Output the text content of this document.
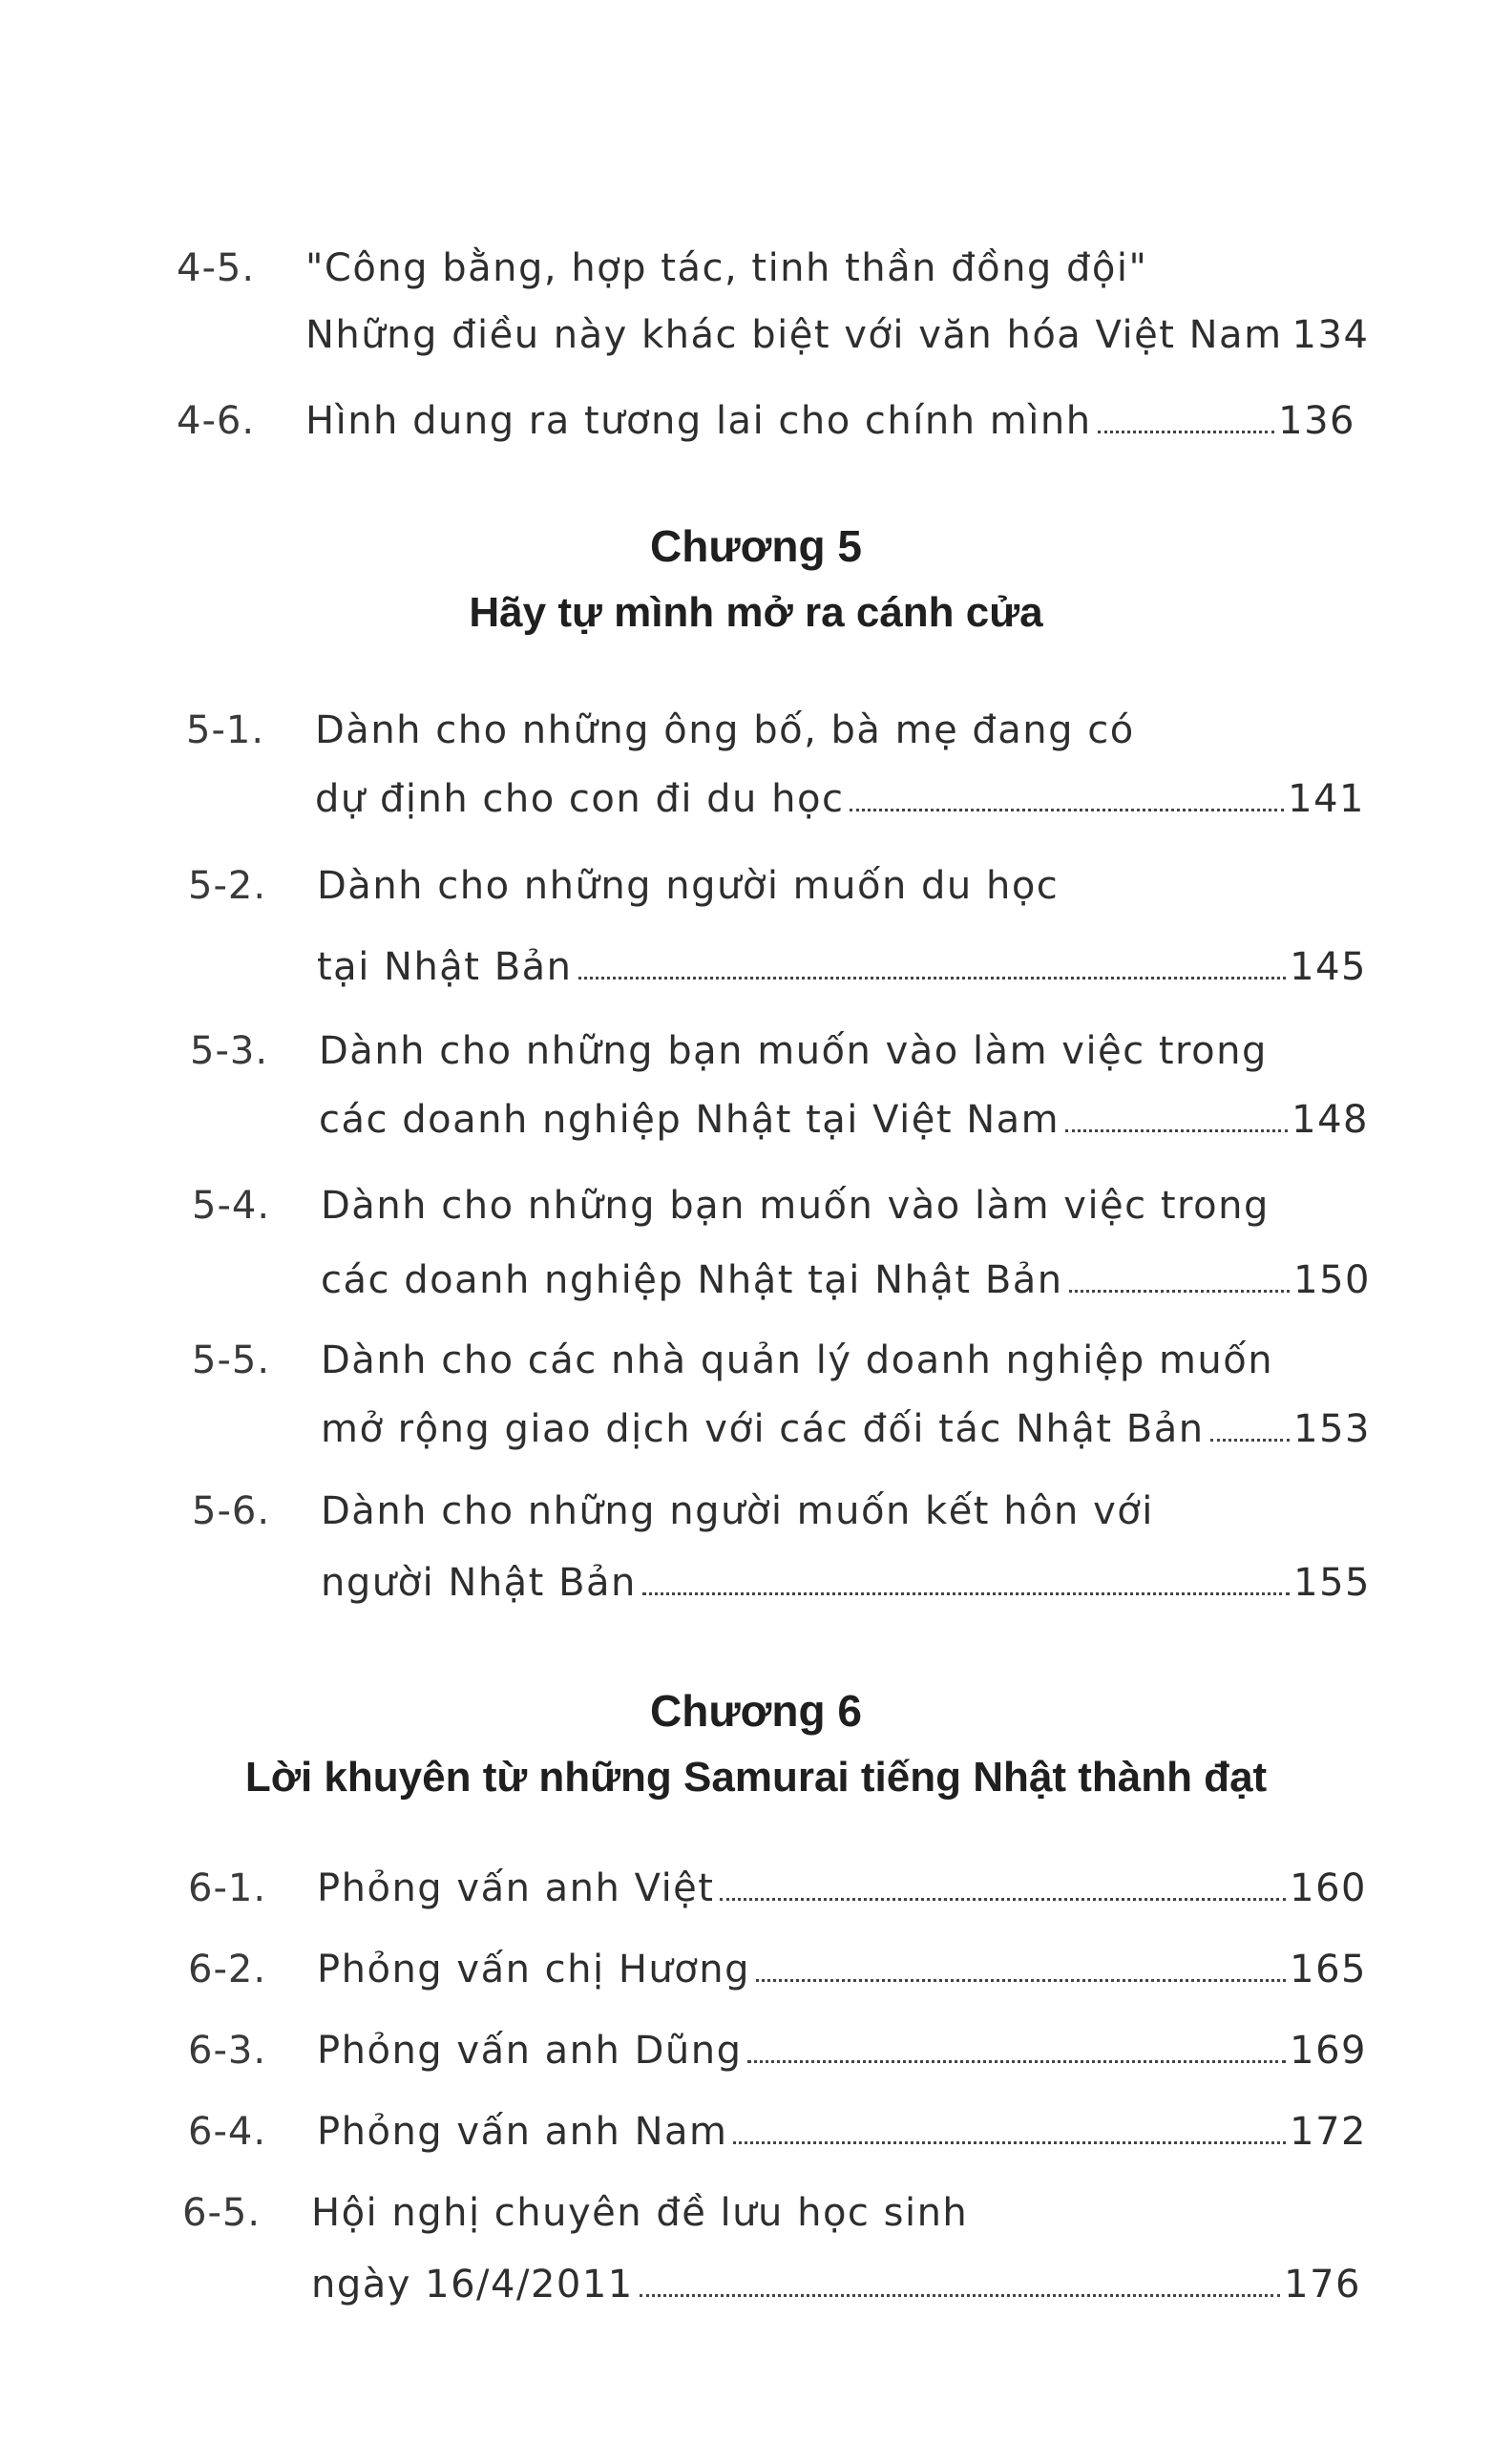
4-5. "Công bằng, hợp tác, tinh thần đồng đội"
Những điều này khác biệt với văn hóa Việt Nam 134
4-6. Hình dung ra tương lai cho chính mình	136
Chương 5
Hãy tự mình mở ra cánh cửa
5-1. Dành cho những ông bố, bà mẹ đang có
dự định cho con đi du học	141
5-2. Dành cho những người muốn du học
tại Nhật Bản	145
5-3. Dành cho những bạn muốn vào làm việc trong
các doanh nghiệp Nhật tại Việt Nam	148
5-4. Dành cho những bạn muốn vào làm việc trong
các doanh nghiệp Nhật tại Nhật Bản	150
5-5. Dành cho các nhà quản lý doanh nghiệp muốn
mở rộng giao dịch với các đối tác Nhật Bản 153
5-6. Dành cho những người muốn kết hôn với
người Nhật Bản	155
Chương 6
Lời khuyên từ những Samurai tiếng Nhật thành đạt
6-1. Phỏng vấn anh Việt	160
6-2. Phỏng vấn chị Hương	165
6-3. Phỏng vấn anh Dũng	169
6-4. Phỏng vấn anh Nam	172
6-5. Hội nghị chuyên đề lưu học sinh
ngày 16/4/2011	176
